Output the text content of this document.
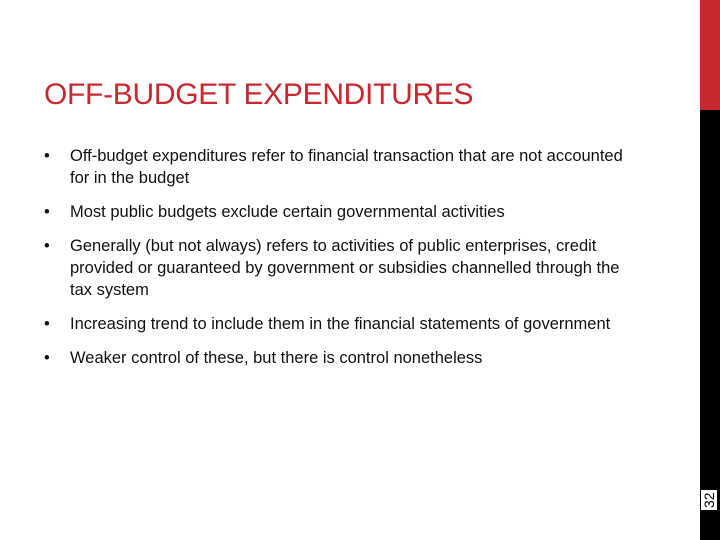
OFF-BUDGET EXPENDITURES
• Off-budget expenditures refer to financial transaction that are not accounted for in the budget
• Most public budgets exclude certain governmental activities
• Generally (but not always) refers to activities of public enterprises, credit provided or guaranteed by government or subsidies channelled through the tax system
• Increasing trend to include them in the financial statements of government
• Weaker control of these, but there is control nonetheless
32
